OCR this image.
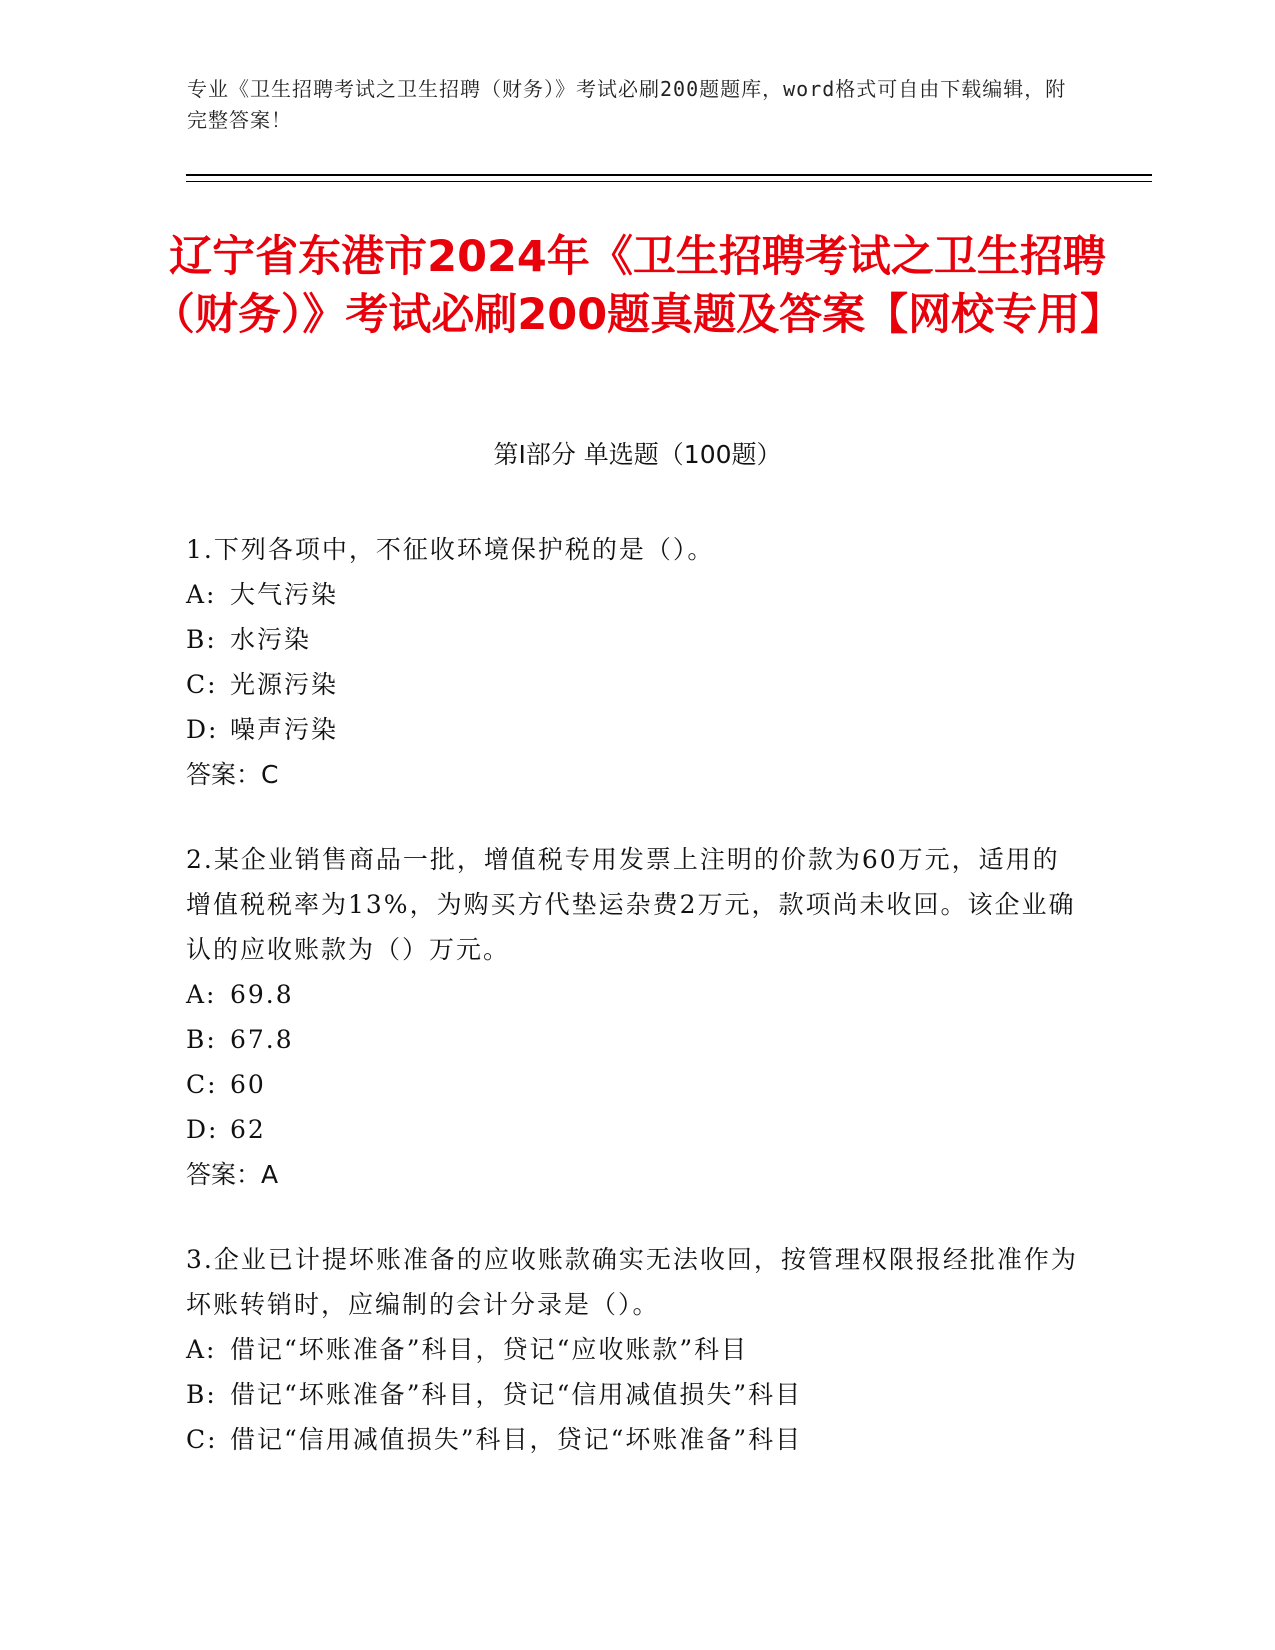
专业《卫生招聘考试之卫生招聘（财务）》考试必刷200题题库，word格式可自由下载编辑，附完整答案！
辽宁省东港市2024年《卫生招聘考试之卫生招聘（财务）》考试必刷200题真题及答案【网校专用】
第Ⅰ部分 单选题（100题）

1.下列各项中，不征收环境保护税的是（）。

A: 大气污染

B: 水污染

C: 光源污染

D: 噪声污染

答案：C

2.某企业销售商品一批，增值税专用发票上注明的价款为60万元，适用的增值税税率为13%，为购买方代垫运杂费2万元，款项尚未收回。该企业确认的应收账款为（）万元。

A: 69.8

B: 67.8

C: 60

D: 62

答案：A

3.企业已计提坏账准备的应收账款确实无法收回，按管理权限报经批准作为坏账转销时，应编制的会计分录是（）。

A: 借记“坏账准备”科目，贷记“应收账款”科目

B: 借记“坏账准备”科目，贷记“信用减值损失”科目

C: 借记“信用减值损失”科目，贷记“坏账准备”科目
